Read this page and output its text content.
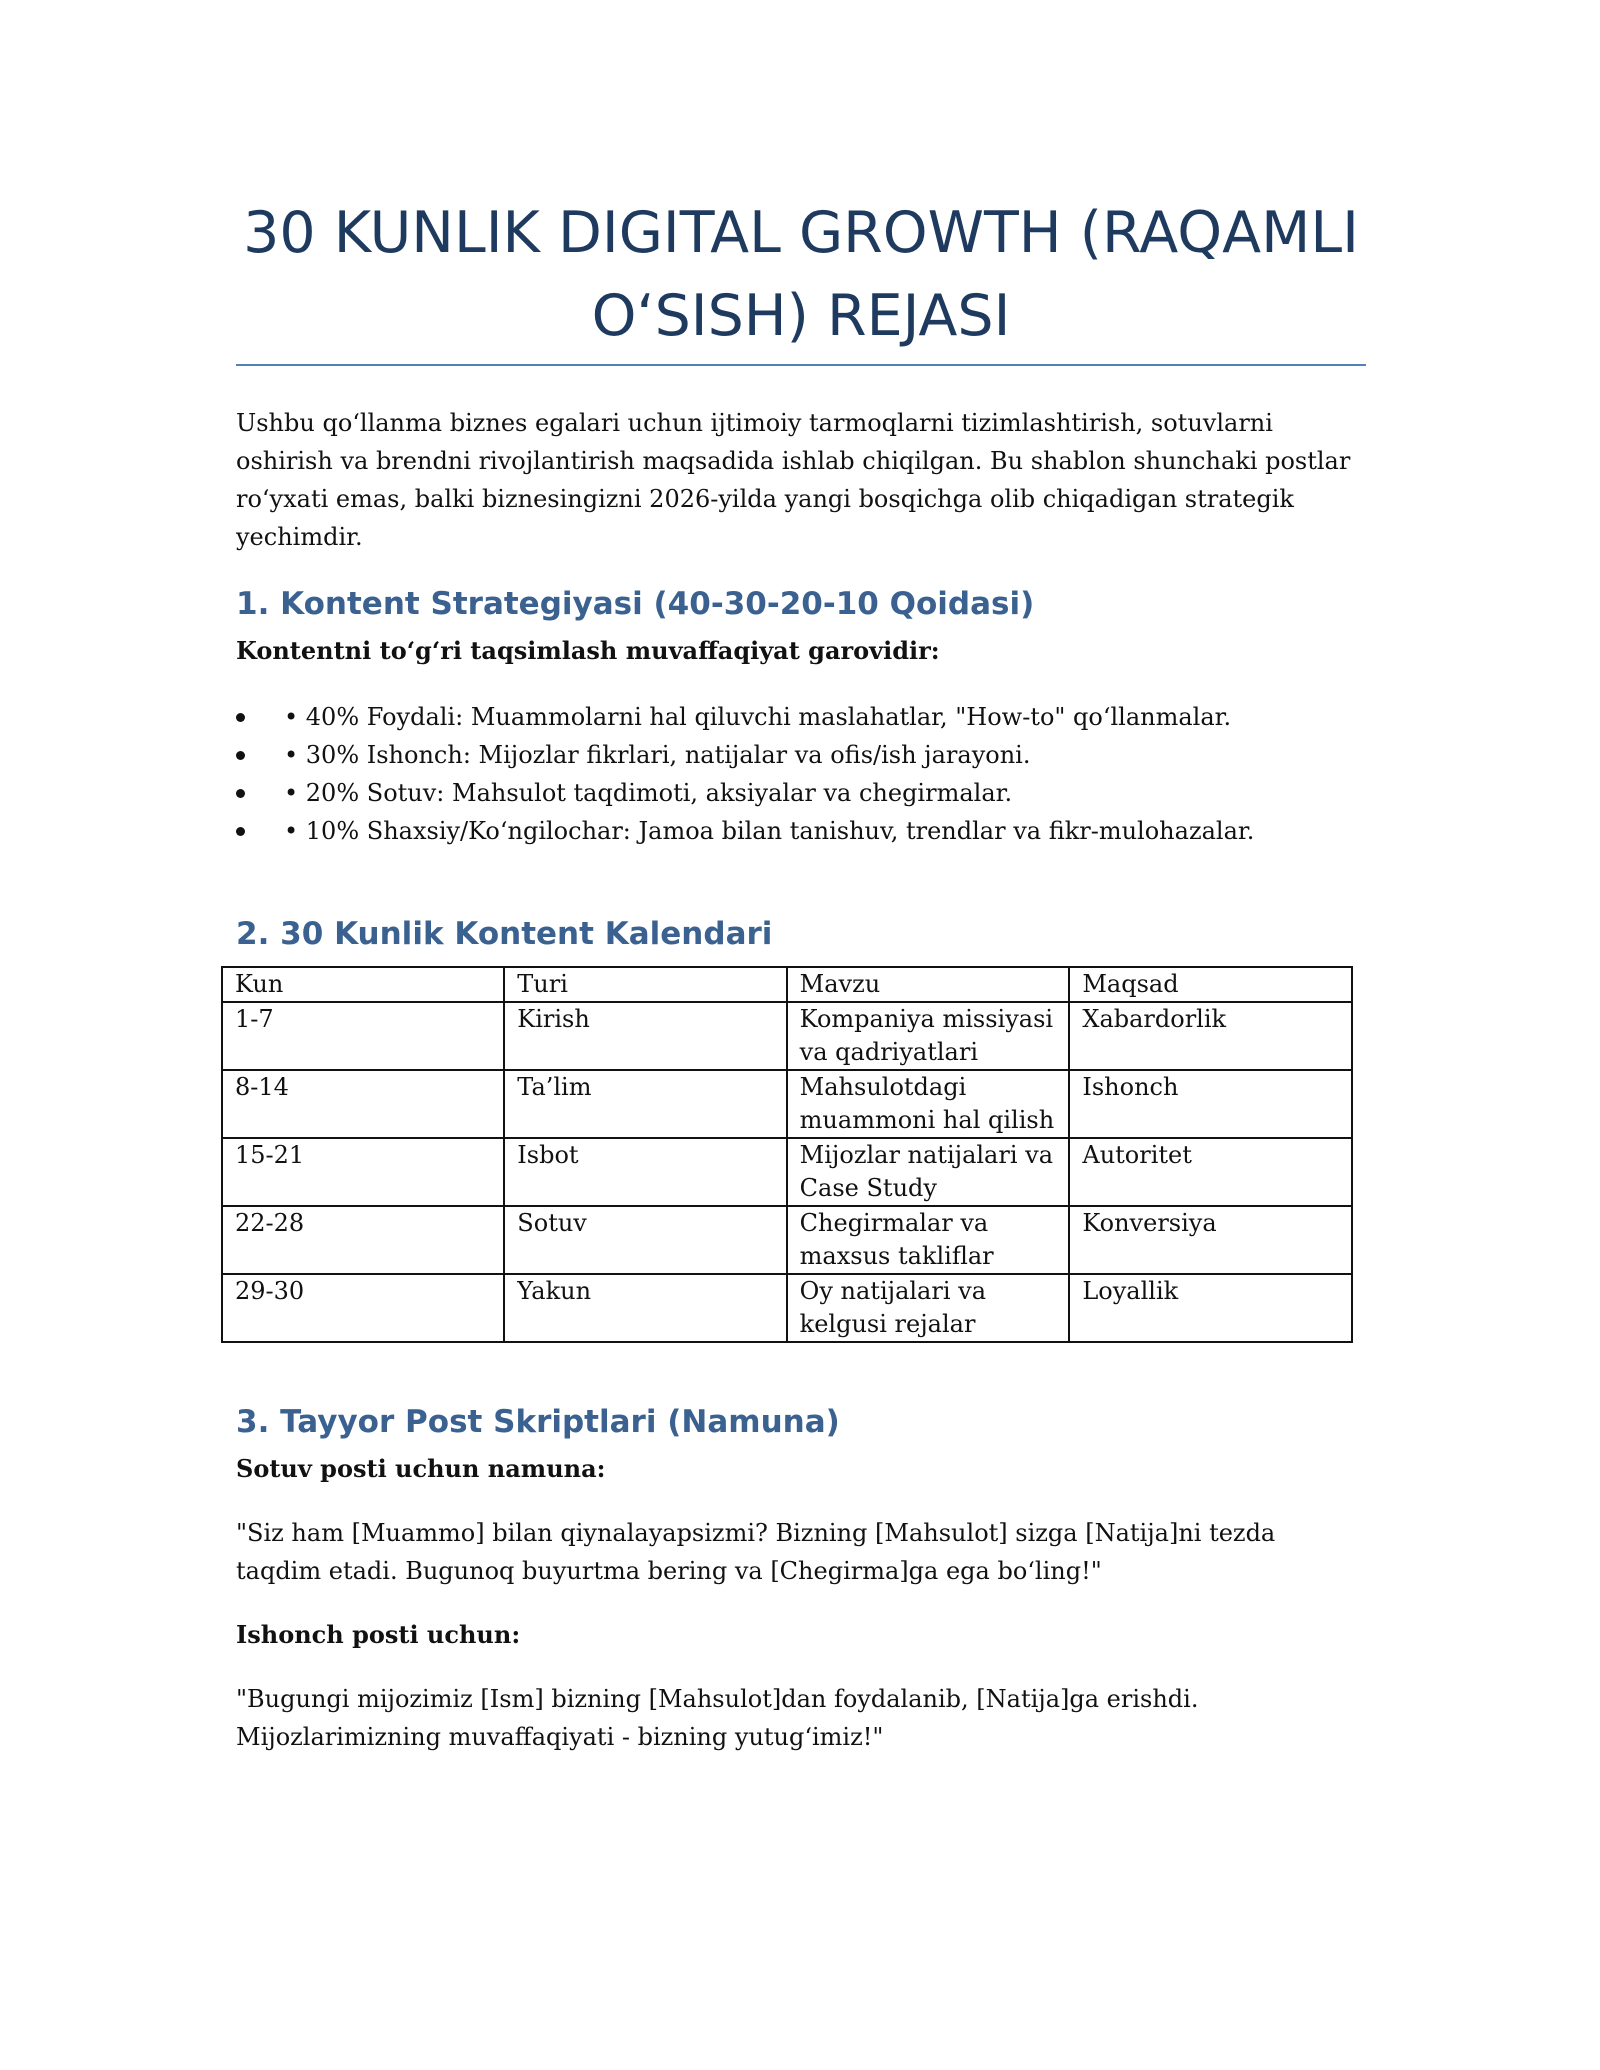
30 KUNLIK DIGITAL GROWTH (RAQAMLI
O‘SISH) REJASI

Ushbu qo‘llanma biznes egalari uchun ijtimoiy tarmoqlarni tizimlashtirish, sotuvlarni oshirish va brendni rivojlantirish maqsadida ishlab chiqilgan. Bu shablon shunchaki postlar ro‘yxati emas, balki biznesingizni 2026-yilda yangi bosqichga olib chiqadigan strategik yechimdir.

1. Kontent Strategiyasi (40-30-20-10 Qoidasi)

Kontentni to‘g‘ri taqsimlash muvaffaqiyat garovidir:

• 40% Foydali: Muammolarni hal qiluvchi maslahatlar, "How-to" qo‘llanmalar.
• 30% Ishonch: Mijozlar fikrlari, natijalar va ofis/ish jarayoni.
• 20% Sotuv: Mahsulot taqdimoti, aksiyalar va chegirmalar.
• 10% Shaxsiy/Ko‘ngilochar: Jamoa bilan tanishuv, trendlar va fikr-mulohazalar.
2. 30 Kunlik Kontent Kalendari
Kun	Turi	Mavzu	Maqsad
1-7	Kirish	Kompaniya missiyasi va qadriyatlari	Xabardorlik
8-14	Ta’lim	Mahsulotdagi muammoni hal qilish	Ishonch
15-21	Isbot	Mijozlar natijalari va Case Study	Autoritet
22-28	Sotuv	Chegirmalar va maxsus takliflar	Konversiya
29-30	Yakun	Oy natijalari va kelgusi rejalar	Loyallik
3. Tayyor Post Skriptlari (Namuna)

Sotuv posti uchun namuna:

"Siz ham [Muammo] bilan qiynalayapsizmi? Bizning [Mahsulot] sizga [Natija]ni tezda taqdim etadi. Bugunoq buyurtma bering va [Chegirma]ga ega bo‘ling!"

Ishonch posti uchun:

"Bugungi mijozimiz [Ism] bizning [Mahsulot]dan foydalanib, [Natija]ga erishdi. Mijozlarimizning muvaffaqiyati - bizning yutug‘imiz!"
